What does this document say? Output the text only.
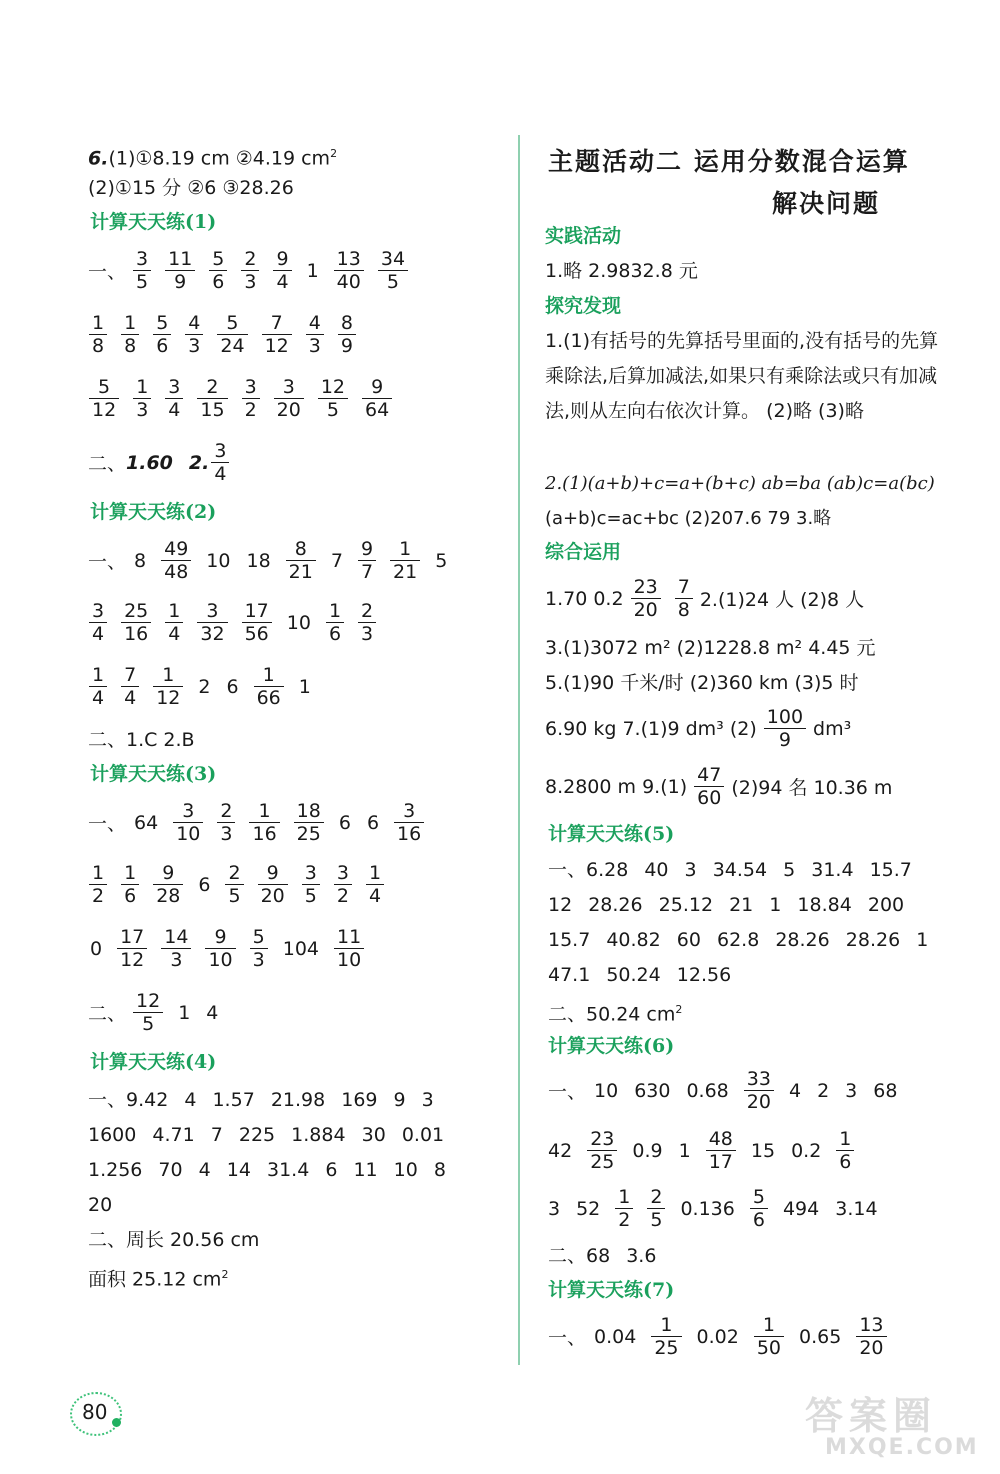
6.(1)①8.19 cm ②4.19 $cm^2$
(2)①15 分 ②6 ③28.26
计算天天练(1)
一、 $\frac{3}{5} \frac{11}{9} \frac{5}{6} \frac{2}{3} \frac{9}{4} 1 \frac{13}{40} \frac{34}{5}$
$\frac{1}{8} \frac{1}{8} \frac{5}{6} \frac{4}{3} \frac{5}{24} \frac{7}{12} \frac{4}{3} \frac{8}{9}$
$\frac{5}{12} \frac{1}{3} \frac{3}{4} \frac{2}{15} \frac{3}{2} \frac{3}{20} \frac{12}{5} \frac{9}{64}$
二、 1.60 2. $\frac{3}{4}$
计算天天练(2)
一、 $8 \frac{49}{48} 10$ $18 \frac{8}{21} 7 \frac{9}{7} \frac{1}{21} 5$
$\frac{3}{4} \frac{25}{16} \frac{1}{4} \frac{3}{32} \frac{17}{56} 10 \frac{1}{6} \frac{2}{3}$
$\frac{1}{4} \frac{7}{4} \frac{1}{12} 2$ $6 \frac{1}{66} 1$
二、1.C 2.B
计算天天练(3)
一、 $64 \frac{3}{10} \frac{2}{3} \frac{1}{16} \frac{18}{25} 6$ $6 \frac{3}{16}$
$\frac{1}{2} \frac{1}{6} \frac{9}{28} 6 \frac{2}{5} \frac{9}{20} \frac{3}{5} \frac{3}{2} \frac{1}{4}$
$0 \frac{17}{12} \frac{14}{3} \frac{9}{10} \frac{5}{3} 104 \frac{11}{10}$
二、 $\frac{12}{5} 1$ 4
计算天天练(4)
一、9.42 4 1.57 21.98 169 9 3
1600 4.71 7 225 1.884 30 0.01
1.256 70 4 14 31.4 6 11 10 8
20
二、周长 20.56 cm
面积 25.12 $cm^2$
80
主题活动二 运用分数混合运算
解决问题
实践活动
1.略 2.9832.8 元
探究发现
1.(1)有括号的先算括号里面的,没有括号的先算乘除法,后算加减法,如果只有乘除法或只有加减法,则从左向右依次计算。 (2)略 (3)略
2.(1)(a+b)+c=a+(b+c) ab=ba (ab)c=a(bc)
(a+b)c=ac+bc (2)207.6 79 3.略
综合运用
1.70 $0.2 \frac{23}{20} \frac{7}{8} 2.(1)24$ 人 (2)8 人
3.(1)3072 m² (2)1228.8 m² 4.45 元
5.(1)90 千米/时 (2)360 km (3)5 时
6.90 kg 7.(1)9 dm³ $(2) \frac{100}{9} dm^3$
8.2800 m $9.(1) \frac{47}{60} (2)94$ 名 10.36 m
计算天天练(5)
一、6.28 40 3 34.54 5 31.4 15.7
12 28.26 25.12 21 1 18.84 200
15.7 40.82 60 62.8 28.26 28.26 1
47.1 50.24 12.56
二、50.24 $cm^2$
计算天天练(6)
一、 10 630 $0.68 \frac{33}{20} 4$ 2 3 68
$42 \frac{23}{25} 0.9$ $1 \frac{48}{17} 15$ $0.2 \frac{1}{6}$
3 $52 \frac{1}{2} \frac{2}{5} 0.136 \frac{5}{6} 494$ 3.14
二、68 3.6
计算天天练(7)
一、 $0.04 \frac{1}{25} 0.02 \frac{1}{50} 0.65 \frac{13}{20}$
答案圈
MXQE.COM
